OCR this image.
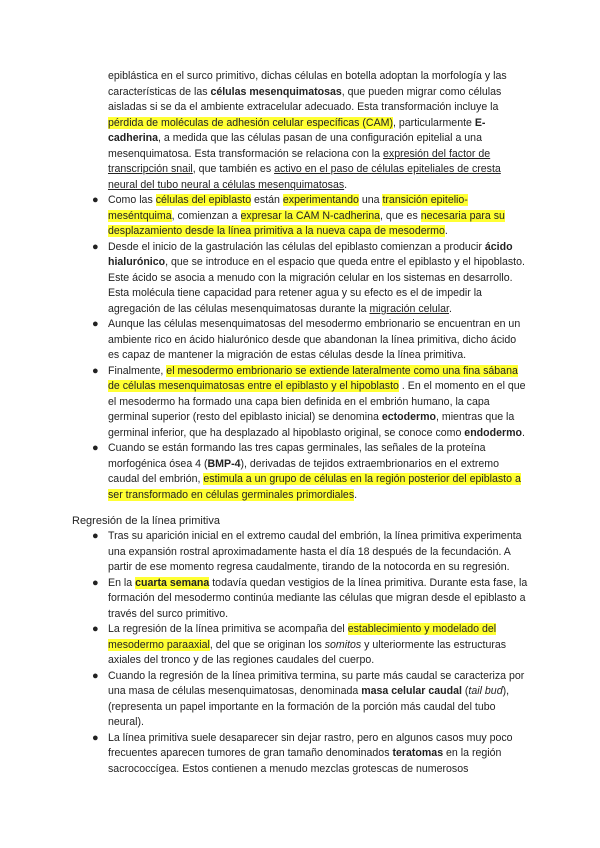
epiblástica en el surco primitivo, dichas células en botella adoptan la morfología y las características de las células mesenquimatosas, que pueden migrar como células aisladas si se da el ambiente extracelular adecuado. Esta transformación incluye la pérdida de moléculas de adhesión celular específicas (CAM), particularmente E-cadherina, a medida que las células pasan de una configuración epitelial a una mesenquimatosa. Esta transformación se relaciona con la expresión del factor de transcripción snail, que también es activo en el paso de células epiteliales de cresta neural del tubo neural a células mesenquimatosas.

● Como las células del epiblasto están experimentando una transición epitelio-meséntquima, comienzan a expresar la CAM N-cadherina, que es necesaria para su desplazamiento desde la línea primitiva a la nueva capa de mesodermo.
● Desde el inicio de la gastrulación las células del epiblasto comienzan a producir ácido hialurónico, que se introduce en el espacio que queda entre el epiblasto y el hipoblasto. Este ácido se asocia a menudo con la migración celular en los sistemas en desarrollo. Esta molécula tiene capacidad para retener agua y su efecto es el de impedir la agregación de las células mesenquimatosas durante la migración celular.
● Aunque las células mesenquimatosas del mesodermo embrionario se encuentran en un ambiente rico en ácido hialurónico desde que abandonan la línea primitiva, dicho ácido es capaz de mantener la migración de estas células desde la línea primitiva.
● Finalmente, el mesodermo embrionario se extiende lateralmente como una fina sábana de células mesenquimatosas entre el epiblasto y el hipoblasto . En el momento en el que el mesodermo ha formado una capa bien definida en el embrión humano, la capa germinal superior (resto del epiblasto inicial) se denomina ectodermo, mientras que la germinal inferior, que ha desplazado al hipoblasto original, se conoce como endodermo.
● Cuando se están formando las tres capas germinales, las señales de la proteína morfogénica ósea 4 (BMP-4), derivadas de tejidos extraembrionarios en el extremo caudal del embrión, estimula a un grupo de células en la región posterior del epiblasto a ser transformado en células germinales primordiales.
Regresión de la línea primitiva
● Tras su aparición inicial en el extremo caudal del embrión, la línea primitiva experimenta una expansión rostral aproximadamente hasta el día 18 después de la fecundación. A partir de ese momento regresa caudalmente, tirando de la notocorda en su regresión.
● En la cuarta semana todavía quedan vestigios de la línea primitiva. Durante esta fase, la formación del mesodermo continúa mediante las células que migran desde el epiblasto a través del surco primitivo.
● La regresión de la línea primitiva se acompaña del establecimiento y modelado del mesodermo paraaxial, del que se originan los somitos y ulteriormente las estructuras axiales del tronco y de las regiones caudales del cuerpo.
● Cuando la regresión de la línea primitiva termina, su parte más caudal se caracteriza por una masa de células mesenquimatosas, denominada masa celular caudal (tail bud), (representa un papel importante en la formación de la porción más caudal del tubo neural).
● La línea primitiva suele desaparecer sin dejar rastro, pero en algunos casos muy poco frecuentes aparecen tumores de gran tamaño denominados teratomas en la región sacrococcígea. Estos contienen a menudo mezclas grotescas de numerosos
